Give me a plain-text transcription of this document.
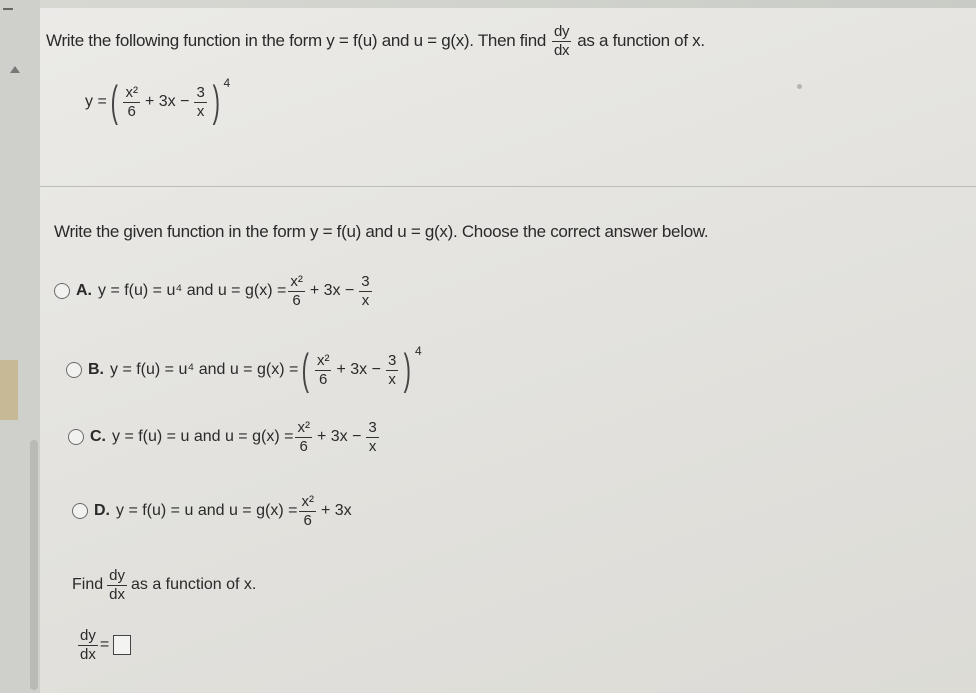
Write the following function in the form y = f(u) and u = g(x). Then find $\frac{dy}{dx}$ as a function of x.
y = ( $\frac{\text{x²}}{6} + 3x - \frac{3}{x}$ ) 4
Write the given function in the form y = f(u) and u = g(x). Choose the correct answer below.
A. y = f(u) = u⁴ and $u = g(x) = \frac{\text{x²}}{6} + 3x - \frac{3}{x}$
B. y = f(u) = u⁴ and u = g(x) = ( $\frac{\text{x²}}{6} + 3x - \frac{3}{x}$ ) 4
C. y = f(u) = u and $u = g(x) = \frac{\text{x²}}{6} + 3x - \frac{3}{x}$
D. y = f(u) = u and $u = g(x) = \frac{\text{x²}}{6} + 3x$
Find $\frac{dy}{dx}$ as a function of x.
$\frac{dy}{dx}$ =
